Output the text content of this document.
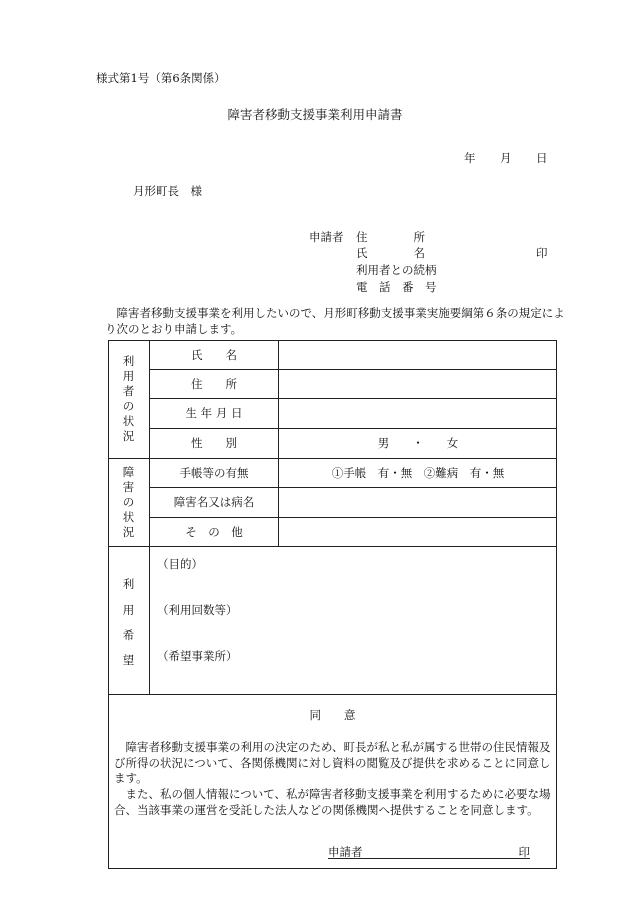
様式第1号（第6条関係）
障害者移動支援事業利用申請書
年 月 日
月形町長　様
申請者 住　　　　所
氏　　　　名	印
利用者との続柄
電　話　番　号
障害者移動支援事業を利用したいので、月形町移動支援事業実施要綱第６条の規定により次のとおり申請します。
利
用
者
の
状
況
氏　　名
住　　所
生 年 月 日
性　　別	男　　・　　女
障
害
の
状
況
手帳等の有無	①手帳　有・無　②難病　有・無
障害名又は病名
そ　の　他
利
用
希
望
（目的）
（利用回数等）
（希望事業所）
同　　意
障害者移動支援事業の利用の決定のため、町長が私と私が属する世帯の住民情報及び所得の状況について、各関係機関に対し資料の閲覧及び提供を求めることに同意します。
また、私の個人情報について、私が障害者移動支援事業を利用するために必要な場合、当該事業の運営を受託した法人などの関係機関へ提供することを同意します。
申請者	印
